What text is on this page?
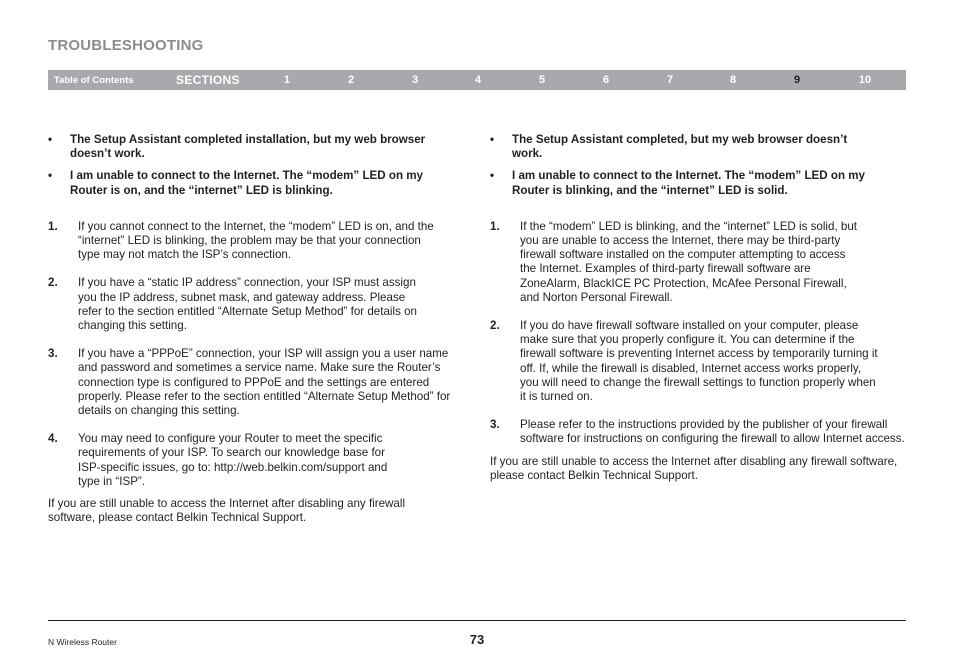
TROUBLESHOOTING
Table of Contents	SECTIONS	1	2	3	4	5	6	7	8	9	10
• The Setup Assistant completed installation, but my web browser doesn’t work.
• I am unable to connect to the Internet. The “modem” LED on my Router is on, and the “internet” LED is blinking.
1. If you cannot connect to the Internet, the “modem” LED is on, and the “internet” LED is blinking, the problem may be that your connection type may not match the ISP’s connection.
2. If you have a “static IP address” connection, your ISP must assign you the IP address, subnet mask, and gateway address. Please refer to the section entitled “Alternate Setup Method” for details on changing this setting.
3. If you have a “PPPoE” connection, your ISP will assign you a user name and password and sometimes a service name. Make sure the Router’s connection type is configured to PPPoE and the settings are entered properly. Please refer to the section entitled “Alternate Setup Method” for details on changing this setting.
4. You may need to configure your Router to meet the specific requirements of your ISP. To search our knowledge base for ISP-specific issues, go to: http://web.belkin.com/support and type in “ISP”.
If you are still unable to access the Internet after disabling any firewall software, please contact Belkin Technical Support.
• The Setup Assistant completed, but my web browser doesn’t work.
• I am unable to connect to the Internet. The “modem” LED on my Router is blinking, and the “internet” LED is solid.
1. If the “modem” LED is blinking, and the “internet” LED is solid, but you are unable to access the Internet, there may be third-party firewall software installed on the computer attempting to access the Internet. Examples of third-party firewall software are ZoneAlarm, BlackICE PC Protection, McAfee Personal Firewall, and Norton Personal Firewall.
2. If you do have firewall software installed on your computer, please make sure that you properly configure it. You can determine if the firewall software is preventing Internet access by temporarily turning it off. If, while the firewall is disabled, Internet access works properly, you will need to change the firewall settings to function properly when it is turned on.
3. Please refer to the instructions provided by the publisher of your firewall software for instructions on configuring the firewall to allow Internet access.
If you are still unable to access the Internet after disabling any firewall software, please contact Belkin Technical Support.
N Wireless Router	73
